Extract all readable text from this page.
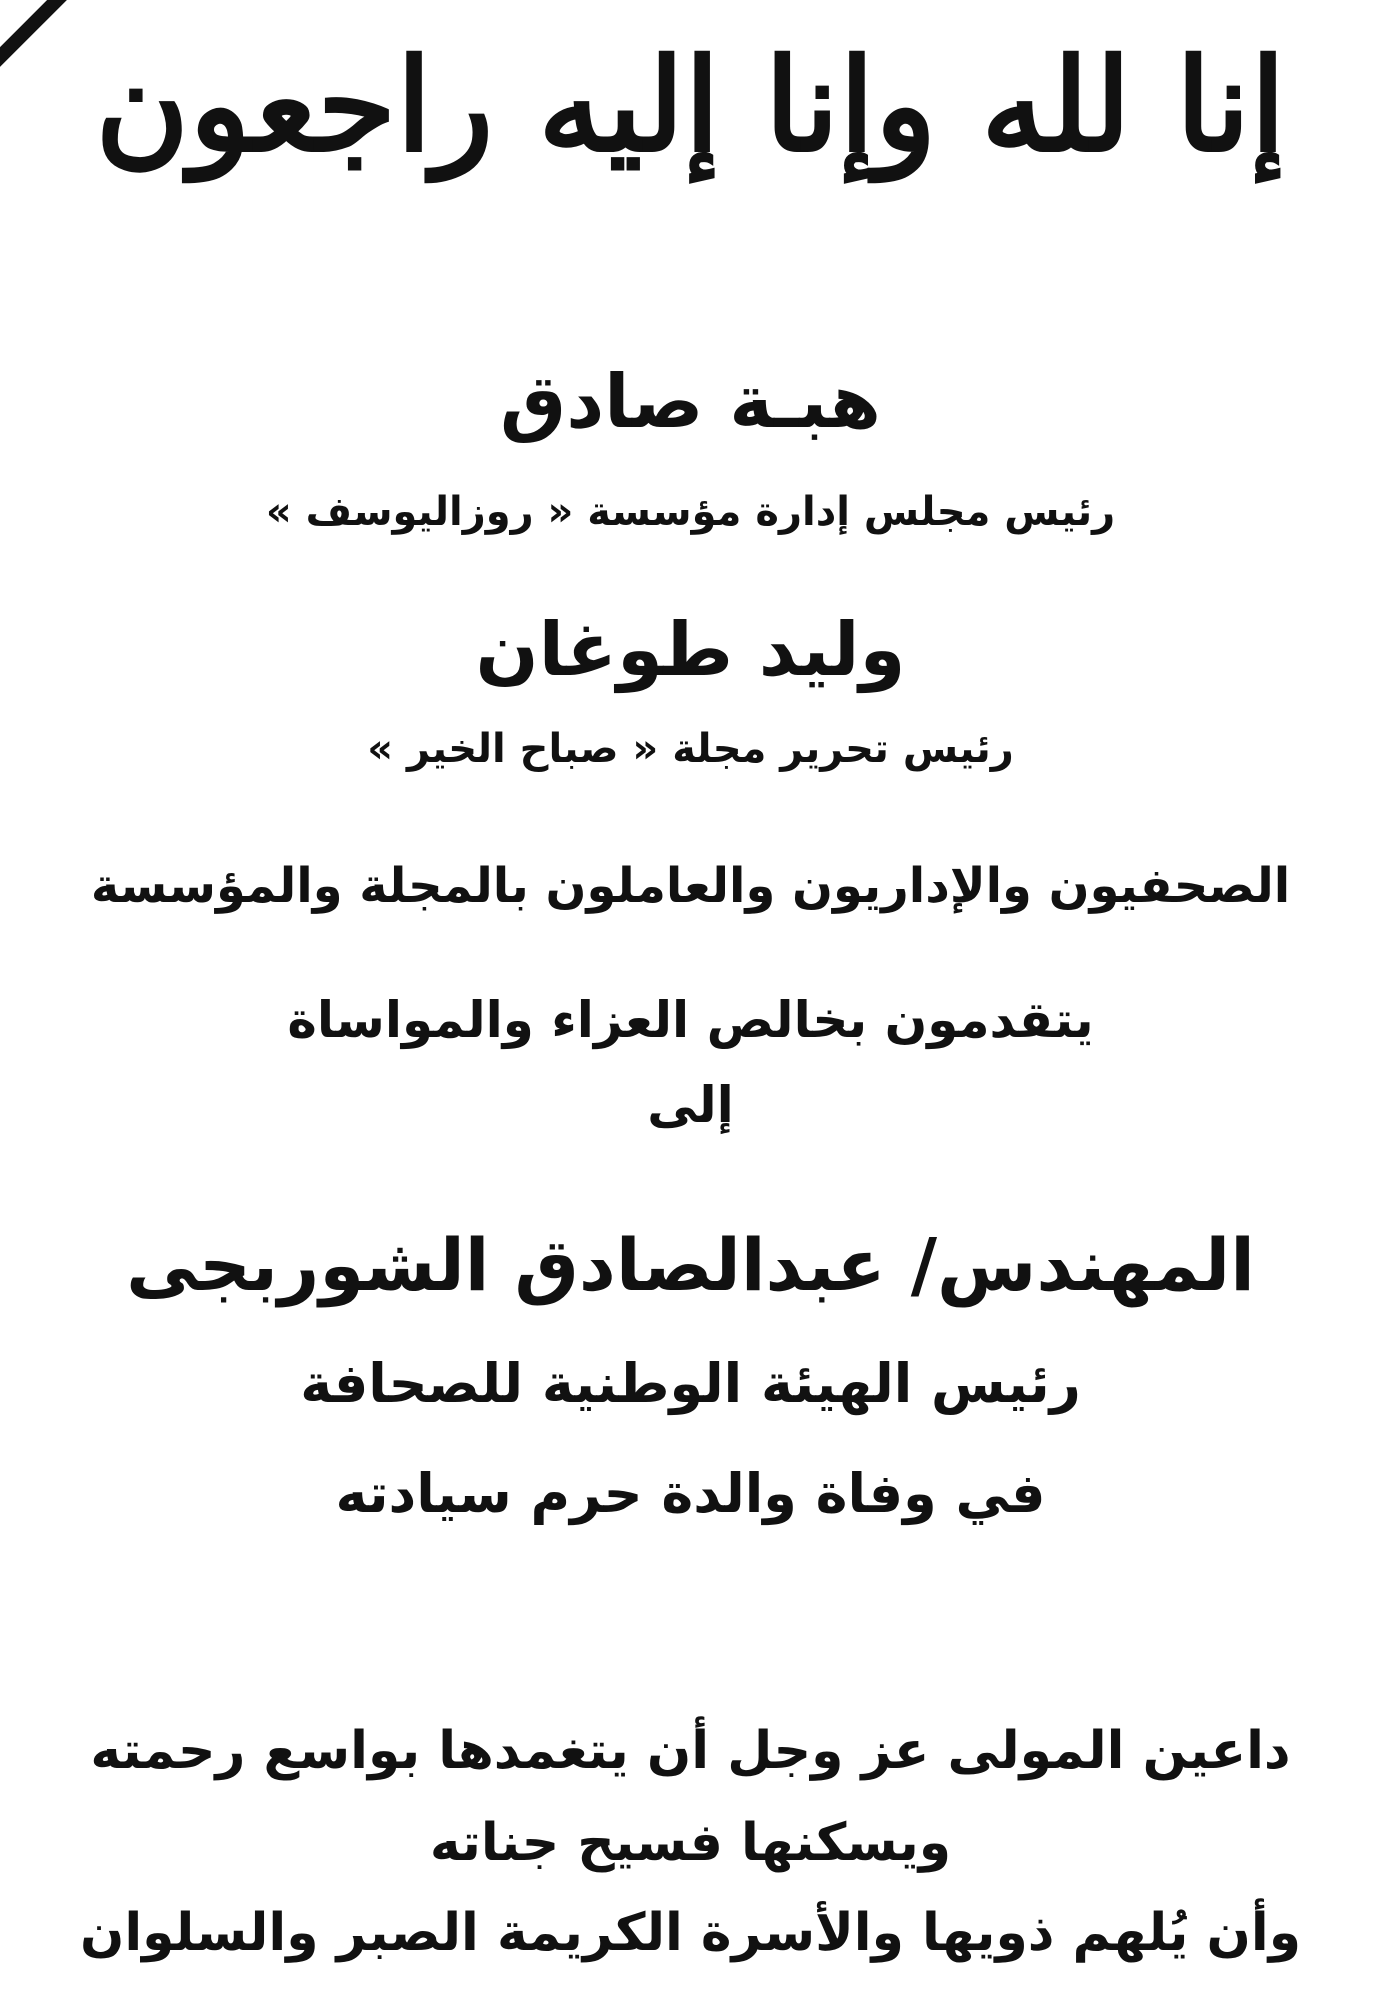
إنا لله وإنا إليه راجعون
هبـة صادق
رئيس مجلس إدارة مؤسسة « روزاليوسف »
وليد طوغان
رئيس تحرير مجلة « صباح الخير »
الصحفيون والإداريون والعاملون بالمجلة والمؤسسة
يتقدمون بخالص العزاء والمواساة
إلى
المهندس/ عبدالصادق الشوربجى
رئيس الهيئة الوطنية للصحافة
في وفاة والدة حرم سيادته
داعين المولى عز وجل أن يتغمدها بواسع رحمته
ويسكنها فسيح جناته
وأن يُلهم ذويها والأسرة الكريمة الصبر والسلوان
